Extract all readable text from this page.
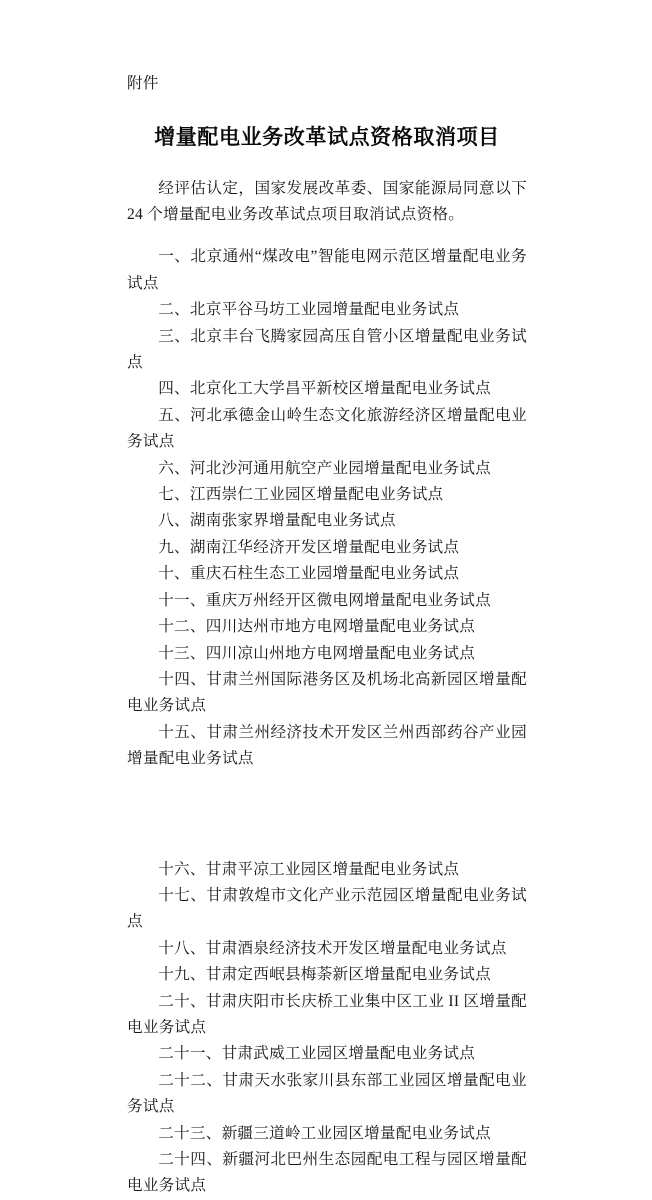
附件
增量配电业务改革试点资格取消项目

经评估认定，国家发展改革委、国家能源局同意以下 24 个增量配电业务改革试点项目取消试点资格。

一、北京通州“煤改电”智能电网示范区增量配电业务试点

二、北京平谷马坊工业园增量配电业务试点

三、北京丰台飞腾家园高压自管小区增量配电业务试点

四、北京化工大学昌平新校区增量配电业务试点

五、河北承德金山岭生态文化旅游经济区增量配电业务试点

六、河北沙河通用航空产业园增量配电业务试点

七、江西崇仁工业园区增量配电业务试点

八、湖南张家界增量配电业务试点

九、湖南江华经济开发区增量配电业务试点

十、重庆石柱生态工业园增量配电业务试点

十一、重庆万州经开区微电网增量配电业务试点

十二、四川达州市地方电网增量配电业务试点

十三、四川凉山州地方电网增量配电业务试点

十四、甘肃兰州国际港务区及机场北高新园区增量配电业务试点

十五、甘肃兰州经济技术开发区兰州西部药谷产业园增量配电业务试点

十六、甘肃平凉工业园区增量配电业务试点

十七、甘肃敦煌市文化产业示范园区增量配电业务试点

十八、甘肃酒泉经济技术开发区增量配电业务试点

十九、甘肃定西岷县梅荼新区增量配电业务试点

二十、甘肃庆阳市长庆桥工业集中区工业 II 区增量配电业务试点

二十一、甘肃武威工业园区增量配电业务试点

二十二、甘肃天水张家川县东部工业园区增量配电业务试点

二十三、新疆三道岭工业园区增量配电业务试点

二十四、新疆河北巴州生态园配电工程与园区增量配电业务试点
